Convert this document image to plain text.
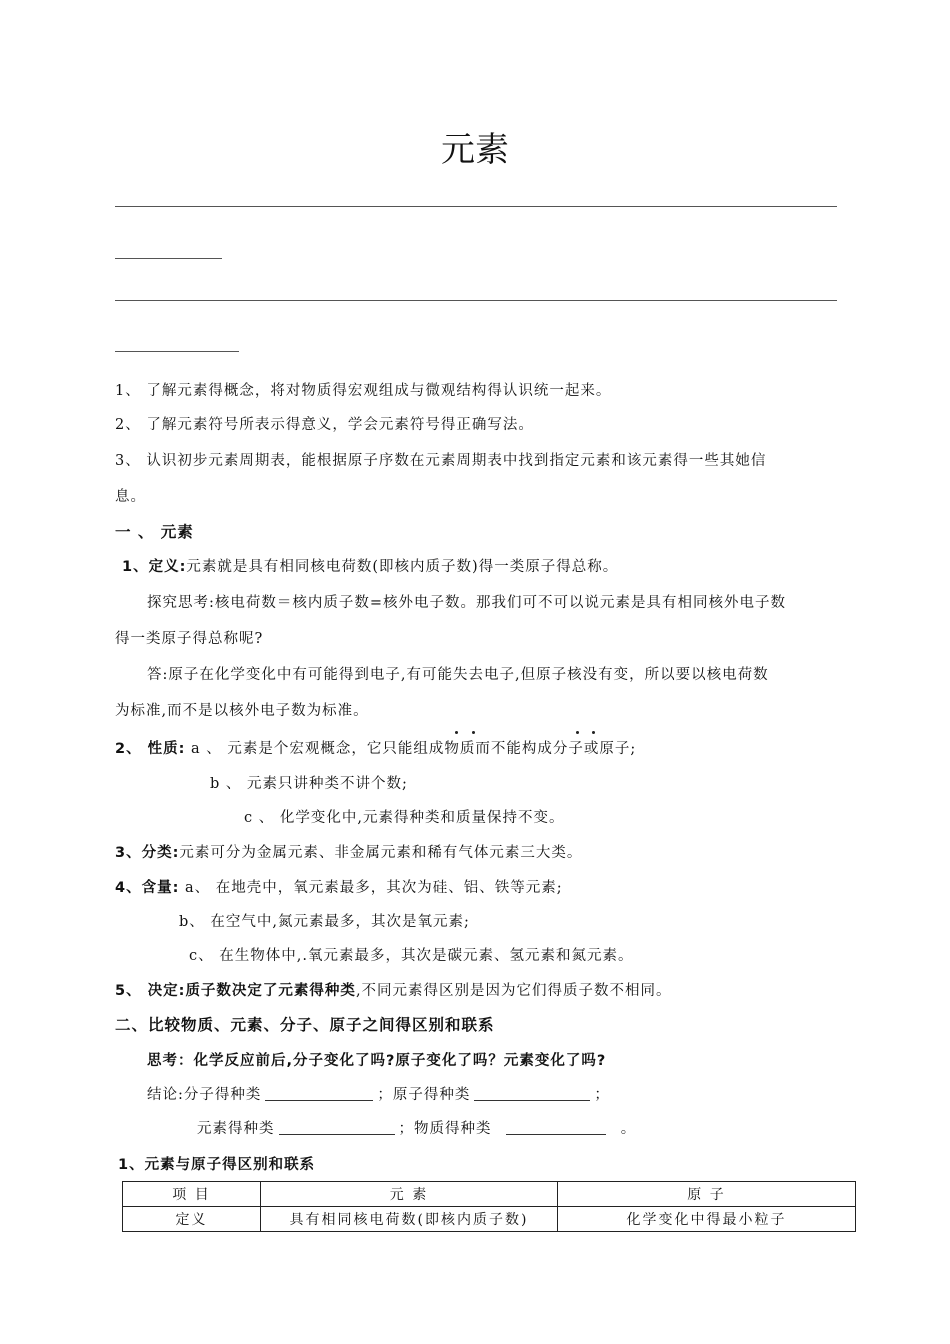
元素
1、 了解元素得概念，将对物质得宏观组成与微观结构得认识统一起来。
2、 了解元素符号所表示得意义，学会元素符号得正确写法。
3、 认识初步元素周期表，能根据原子序数在元素周期表中找到指定元素和该元素得一些其她信
息。
一 、 元素
1、定义:元素就是具有相同核电荷数(即核内质子数)得一类原子得总称。
探究思考:核电荷数＝核内质子数=核外电子数。那我们可不可以说元素是具有相同核外电子数
得一类原子得总称呢?
答:原子在化学变化中有可能得到电子,有可能失去电子,但原子核没有变，所以要以核电荷数
为标准,而不是以核外电子数为标准。
2、 性质: a 、 元素是个宏观概念，它只能组成物质而不能构成分子或原子;
b 、 元素只讲种类不讲个数;
c 、 化学变化中,元素得种类和质量保持不变。
3、分类:元素可分为金属元素、非金属元素和稀有气体元素三大类。
4、含量: a、 在地壳中，氧元素最多，其次为硅、铝、铁等元素;
b、 在空气中,氮元素最多，其次是氧元素;
c、 在生物体中,.氧元素最多，其次是碳元素、氢元素和氮元素。
5、 决定:质子数决定了元素得种类,不同元素得区别是因为它们得质子数不相同。
二、比较物质、元素、分子、原子之间得区别和联系
思考：化学反应前后,分子变化了吗?原子变化了吗？元素变化了吗?
结论:分子得种类	；原子得种类	；
元素得种类	；物质得种类	。
1、元素与原子得区别和联系
项 目	元 素	原 子
定义	具有相同核电荷数(即核内质子数)	化学变化中得最小粒子
